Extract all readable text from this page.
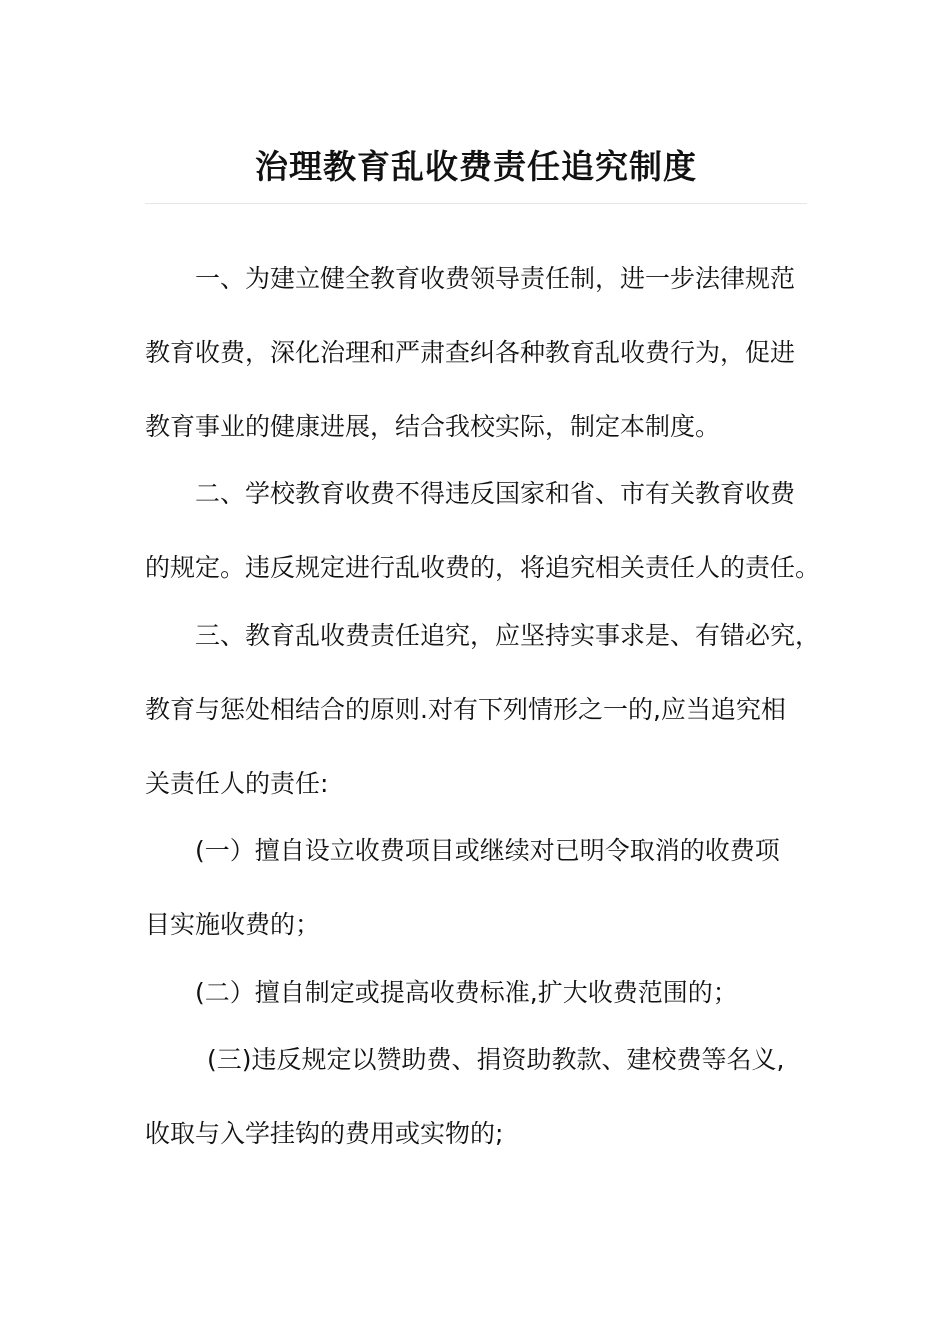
治理教育乱收费责任追究制度
一、为建立健全教育收费领导责任制，进一步法律规范
教育收费，深化治理和严肃查纠各种教育乱收费行为，促进
教育事业的健康进展，结合我校实际，制定本制度。
二、学校教育收费不得违反国家和省、市有关教育收费
的规定。违反规定进行乱收费的，将追究相关责任人的责任。
三、教育乱收费责任追究，应坚持实事求是、有错必究，
教育与惩处相结合的原则.对有下列情形之一的,应当追究相
关责任人的责任:
(一）擅自设立收费项目或继续对已明令取消的收费项
目实施收费的；
(二）擅自制定或提高收费标准,扩大收费范围的；
(三)违反规定以赞助费、捐资助教款、建校费等名义,
收取与入学挂钩的费用或实物的;
